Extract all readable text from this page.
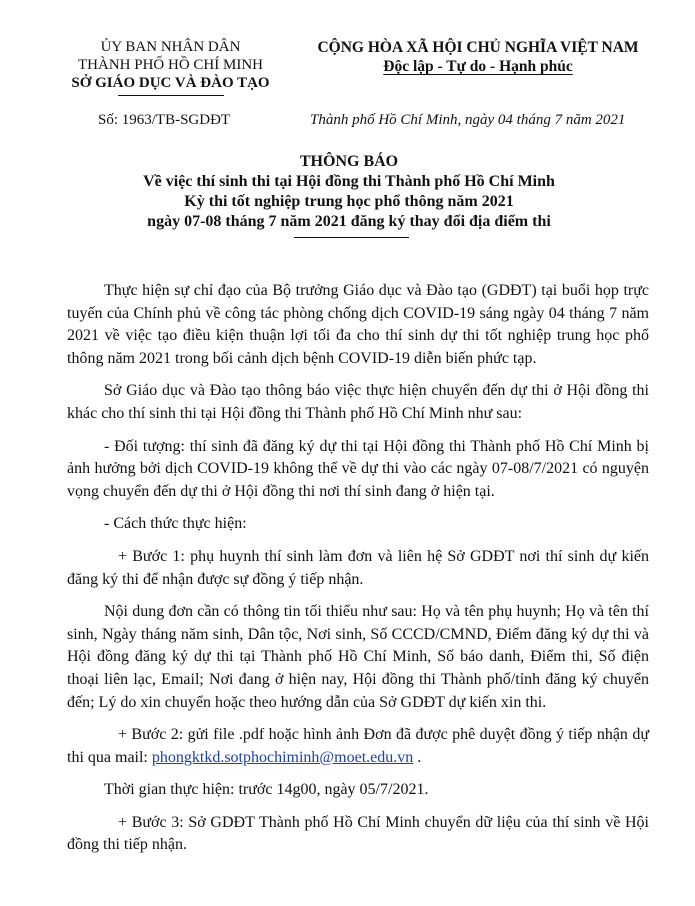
ỦY BAN NHÂN DÂN
THÀNH PHỐ HỒ CHÍ MINH
SỞ GIÁO DỤC VÀ ĐÀO TẠO
CỘNG HÒA XÃ HỘI CHỦ NGHĨA VIỆT NAM
Độc lập - Tự do - Hạnh phúc
Số: 1963/TB-SGDĐT	Thành phố Hồ Chí Minh, ngày 04 tháng 7 năm 2021
THÔNG BÁO
Về việc thí sinh thi tại Hội đồng thi Thành phố Hồ Chí Minh
Kỳ thi tốt nghiệp trung học phổ thông năm 2021
ngày 07-08 tháng 7 năm 2021 đăng ký thay đổi địa điểm thi

Thực hiện sự chỉ đạo của Bộ trưởng Giáo dục và Đào tạo (GDĐT) tại buổi họp trực tuyến của Chính phủ về công tác phòng chống dịch COVID-19 sáng ngày 04 tháng 7 năm 2021 về việc tạo điều kiện thuận lợi tối đa cho thí sinh dự thi tốt nghiệp trung học phổ thông năm 2021 trong bối cảnh dịch bệnh COVID-19 diễn biến phức tạp.

Sở Giáo dục và Đào tạo thông báo việc thực hiện chuyển đến dự thi ở Hội đồng thi khác cho thí sinh thi tại Hội đồng thi Thành phố Hồ Chí Minh như sau:

- Đối tượng: thí sinh đã đăng ký dự thi tại Hội đồng thi Thành phố Hồ Chí Minh bị ảnh hưởng bởi dịch COVID-19 không thể về dự thi vào các ngày 07-08/7/2021 có nguyện vọng chuyển đến dự thi ở Hội đồng thi nơi thí sinh đang ở hiện tại.

- Cách thức thực hiện:

+ Bước 1: phụ huynh thí sinh làm đơn và liên hệ Sở GDĐT nơi thí sinh dự kiến đăng ký thi để nhận được sự đồng ý tiếp nhận.

Nội dung đơn cần có thông tin tối thiểu như sau: Họ và tên phụ huynh; Họ và tên thí sinh, Ngày tháng năm sinh, Dân tộc, Nơi sinh, Số CCCD/CMND, Điểm đăng ký dự thi và Hội đồng đăng ký dự thi tại Thành phố Hồ Chí Minh, Số báo danh, Điểm thi, Số điện thoại liên lạc, Email; Nơi đang ở hiện nay, Hội đồng thi Thành phố/tỉnh đăng ký chuyển đến; Lý do xin chuyển hoặc theo hướng dẫn của Sở GDĐT dự kiến xin thi.

+ Bước 2: gửi file .pdf hoặc hình ảnh Đơn đã được phê duyệt đồng ý tiếp nhận dự thi qua mail: phongktkd.sotphochiminh@moet.edu.vn .

Thời gian thực hiện: trước 14g00, ngày 05/7/2021.

+ Bước 3: Sở GDĐT Thành phố Hồ Chí Minh chuyển dữ liệu của thí sinh về Hội đồng thi tiếp nhận.
